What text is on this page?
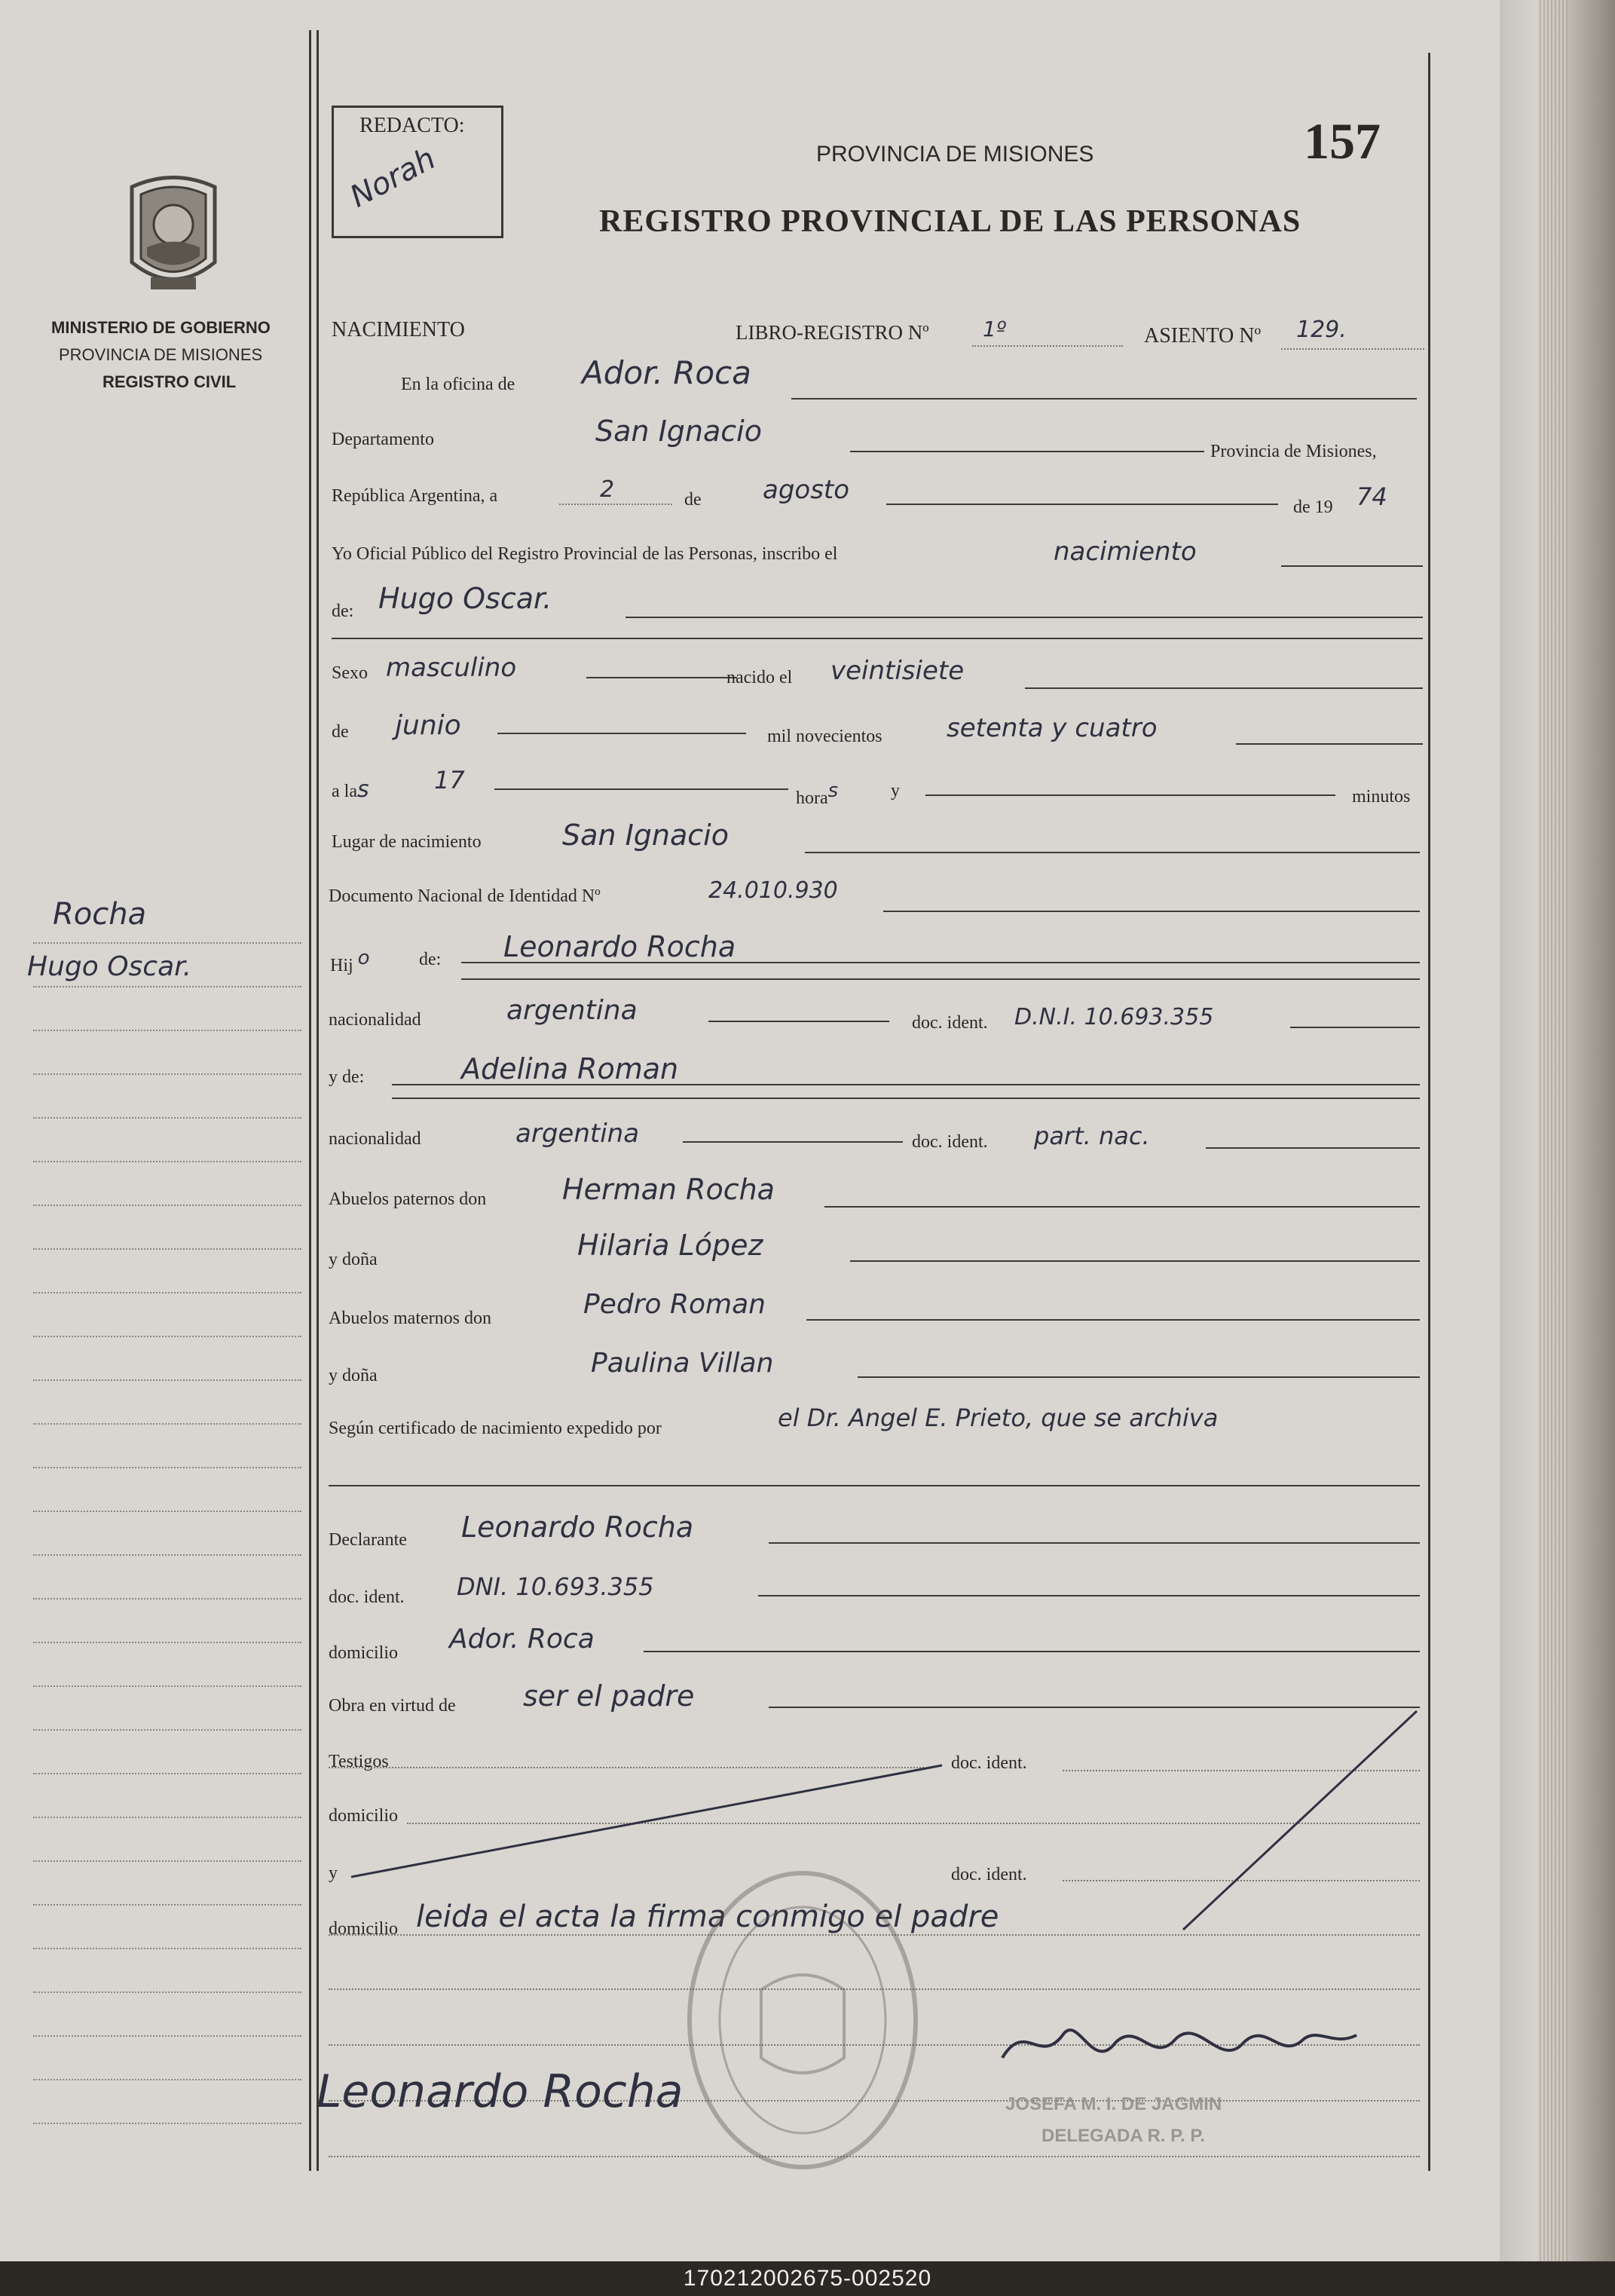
MINISTERIO DE GOBIERNO
PROVINCIA DE MISIONES
REGISTRO CIVIL
Rocha
Hugo Oscar.
REDACTO:
Norah	PROVINCIA DE MISIONES
REGISTRO PROVINCIAL DE LAS PERSONAS
157
NACIMIENTO	LIBRO-REGISTRO Nº	1º	ASIENTO Nº 129.
En la oficina de Ador. Roca
Departamento	San Ignacio
Provincia de Misiones,
República Argentina, a	2	de agosto
de 19 74
Yo Oficial Público del Registro Provincial de las Personas, inscribo el	nacimiento
de: Hugo Oscar.
Sexo masculino	nacido el veintisiete
de junio	mil novecientos	setenta y cuatro
a las	17
horas	y	minutos
Lugar de nacimiento	San Ignacio
Documento Nacional de Identidad Nº	24.010.930
Hij o	de: Leonardo Rocha
nacionalidad	argentina	doc. ident. D.N.I. 10.693.355
y de:	Adelina Roman
nacionalidad	argentina	doc. ident. part. nac.
Abuelos paternos don	Herman Rocha
y doña	Hilaria López
Abuelos maternos don	Pedro Roman
y doña	Paulina Villan
Según certificado de nacimiento expedido por	el Dr. Angel E. Prieto, que se archiva
Declarante Leonardo Rocha
doc. ident. DNI. 10.693.355
domicilio Ador. Roca
Obra en virtud de ser el padre
Testigos	doc. ident.
domicilio
y	doc. ident.
domicilio leida el acta la firma conmigo el padre
Leonardo Rocha	JOSEFA M. I. DE JAGMIN
DELEGADA R. P. P.
170212002675-002520
